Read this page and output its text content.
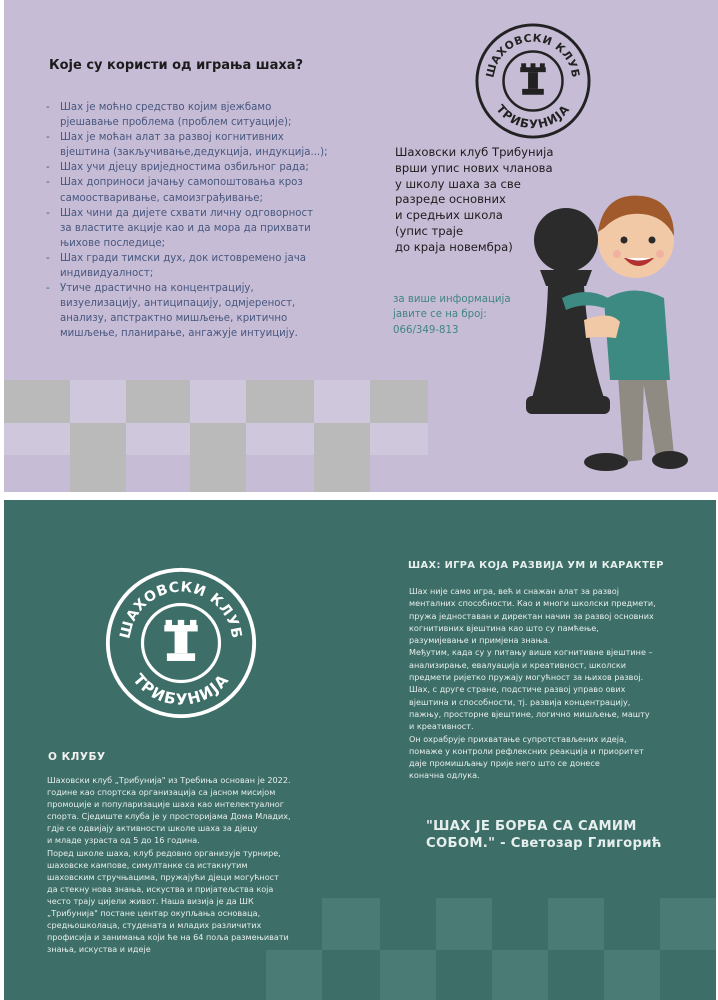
Које су користи од играња шаха?
- Шах је моћно средство којим вјежбамо
рјешавање проблема (проблем ситуације);
- Шах је моћан алат за развој когнитивних
вјештина (закључивање,дедукција, индукција...);
- Шах учи дјецу вриједностима озбиљног рада;
- Шах доприноси јачању самопоштовања кроз
самоостваривање, самоизграђивање;
- Шах чини да дијете схвати личну одговорност
за властите акције као и да мора да прихвати
њихове последице;
- Шах гради тимски дух, док истовремено јача
индивидуалност;
- Утиче драстично на концентрацију,
визуелизацију, антиципацију, одмјереност,
анализу, апстрактно мишљење, критично
мишљење, планирање, ангажује интуицију.
ШАХОВСКИ КЛУБ
ТРИБУНИЈА
Шаховски клуб Трибунија
врши упис нових чланова
у школу шаха за све
разреде основних
и средњих школа
(упис траје
до краја новембра)
за више информација
јавите се на број:
066/349-813
ШАХОВСКИ КЛУБ
ТРИБУНИЈА
О КЛУБУ

Шаховски клуб „Трибунија" из Требиња основан је 2022.
године као спортска организација са јасном мисијом
промоције и популаризације шаха као интелектуалног
спорта. Сједиште клуба је у просторијама Дома Младих,
гдје се одвијају активности школе шаха за дјецу
и младе узраста од 5 до 16 година.

Поред школе шаха, клуб редовно организује турнире,
шаховске кампове, симултанке са истакнутим
шаховским стручњацима, пружајући дјеци могућност
да стекну нова знања, искуства и пријатељства која
често трају цијели живот. Наша визија је да ШК
„Трибунија" постане центар окупљања основаца,
средњошколаца, студената и младих различитих
профисија и занимања који ће на 64 поља размењивати
знања, искуства и идеје

ШАХ: ИГРА КОЈА РАЗВИЈА УМ И КАРАКТЕР

Шах није само игра, већ и снажан алат за развој
менталних способности. Као и многи школски предмети,
пружа једноставан и директан начин за развој основних
когнитивних вјештина као што су памћење,
разумијевање и примјена знања.

Међутим, када су у питању више когнитивне вјештине –
анализирање, евалуација и креативност, школски
предмети ријетко пружају могућност за њихов развој.

Шах, с друге стране, подстиче развој управо ових
вјештина и способности, тј. развија концентрацију,
пажњу, просторне вјештине, логично мишљење, машту
и креативност.

Он охрабрује прихватање супротстављених идеја,
помаже у контроли рефлексних реакција и приоритет
даје промишљању прије него што се донесе
коначна одлука.

"ШАХ ЈЕ БОРБА СА САМИМ
СОБОМ." - Светозар Глигорић
